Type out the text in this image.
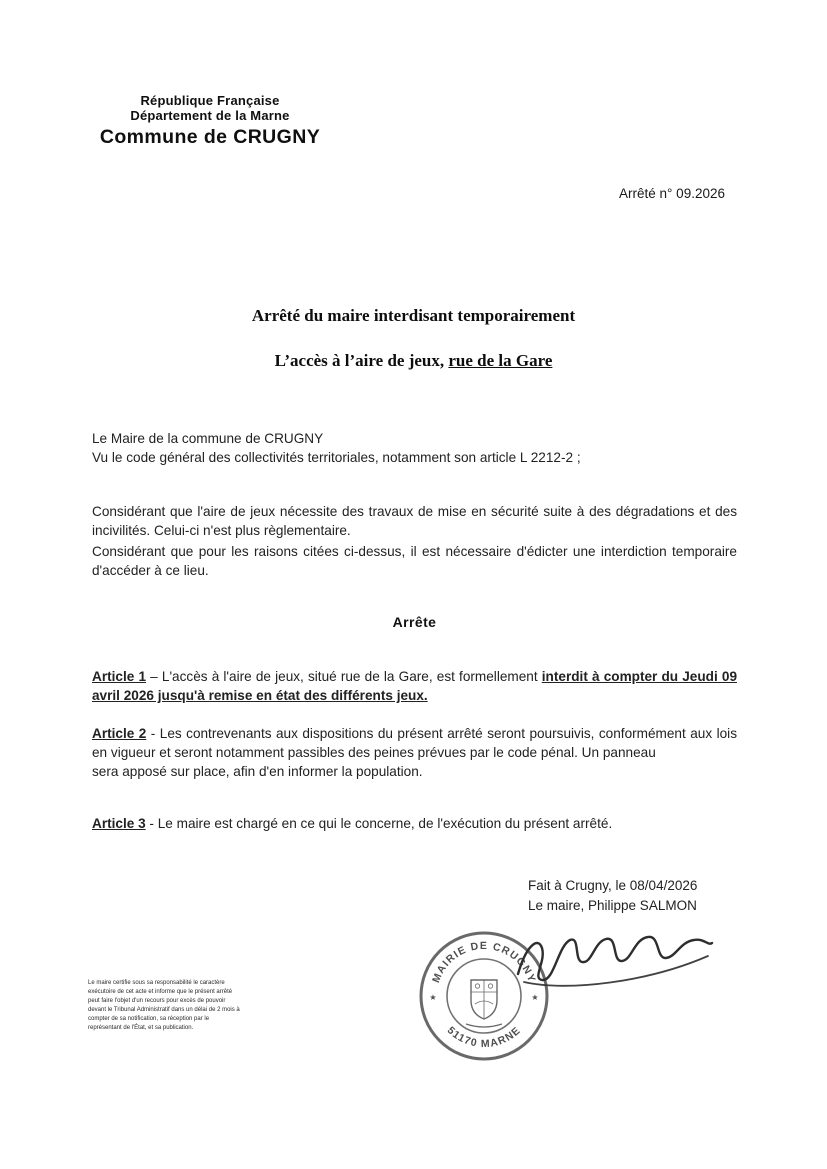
République Française
Département de la Marne
Commune de CRUGNY
Arrêté n° 09.2026
Arrêté du maire interdisant temporairement
L’accès à l’aire de jeux, rue de la Gare

Le Maire de la commune de CRUGNY
Vu le code général des collectivités territoriales, notamment son article L 2212-2 ;

Considérant que l'aire de jeux nécessite des travaux de mise en sécurité suite à des dégradations et des incivilités. Celui-ci n'est plus règlementaire.

Considérant que pour les raisons citées ci-dessus, il est nécessaire d'édicter une interdiction temporaire d'accéder à ce lieu.

Arrête

Article 1 – L'accès à l'aire de jeux, situé rue de la Gare, est formellement interdit à compter du Jeudi 09 avril 2026 jusqu'à remise en état des différents jeux.

Article 2 - Les contrevenants aux dispositions du présent arrêté seront poursuivis, conformément aux lois en vigueur et seront notamment passibles des peines prévues par le code pénal. Un panneau
sera apposé sur place, afin d'en informer la population.

Article 3 - Le maire est chargé en ce qui le concerne, de l'exécution du présent arrêté.

Fait à Crugny, le 08/04/2026
Le maire, Philippe SALMON
MAIRIE DE CRUGNY
51170 MARNE
★	★
Le maire certifie sous sa responsabilité le caractère
exécutoire de cet acte et informe que le présent arrêté
peut faire l'objet d'un recours pour excès de pouvoir
devant le Tribunal Administratif dans un délai de 2 mois à
compter de sa notification, sa réception par le
représentant de l'État, et sa publication.
